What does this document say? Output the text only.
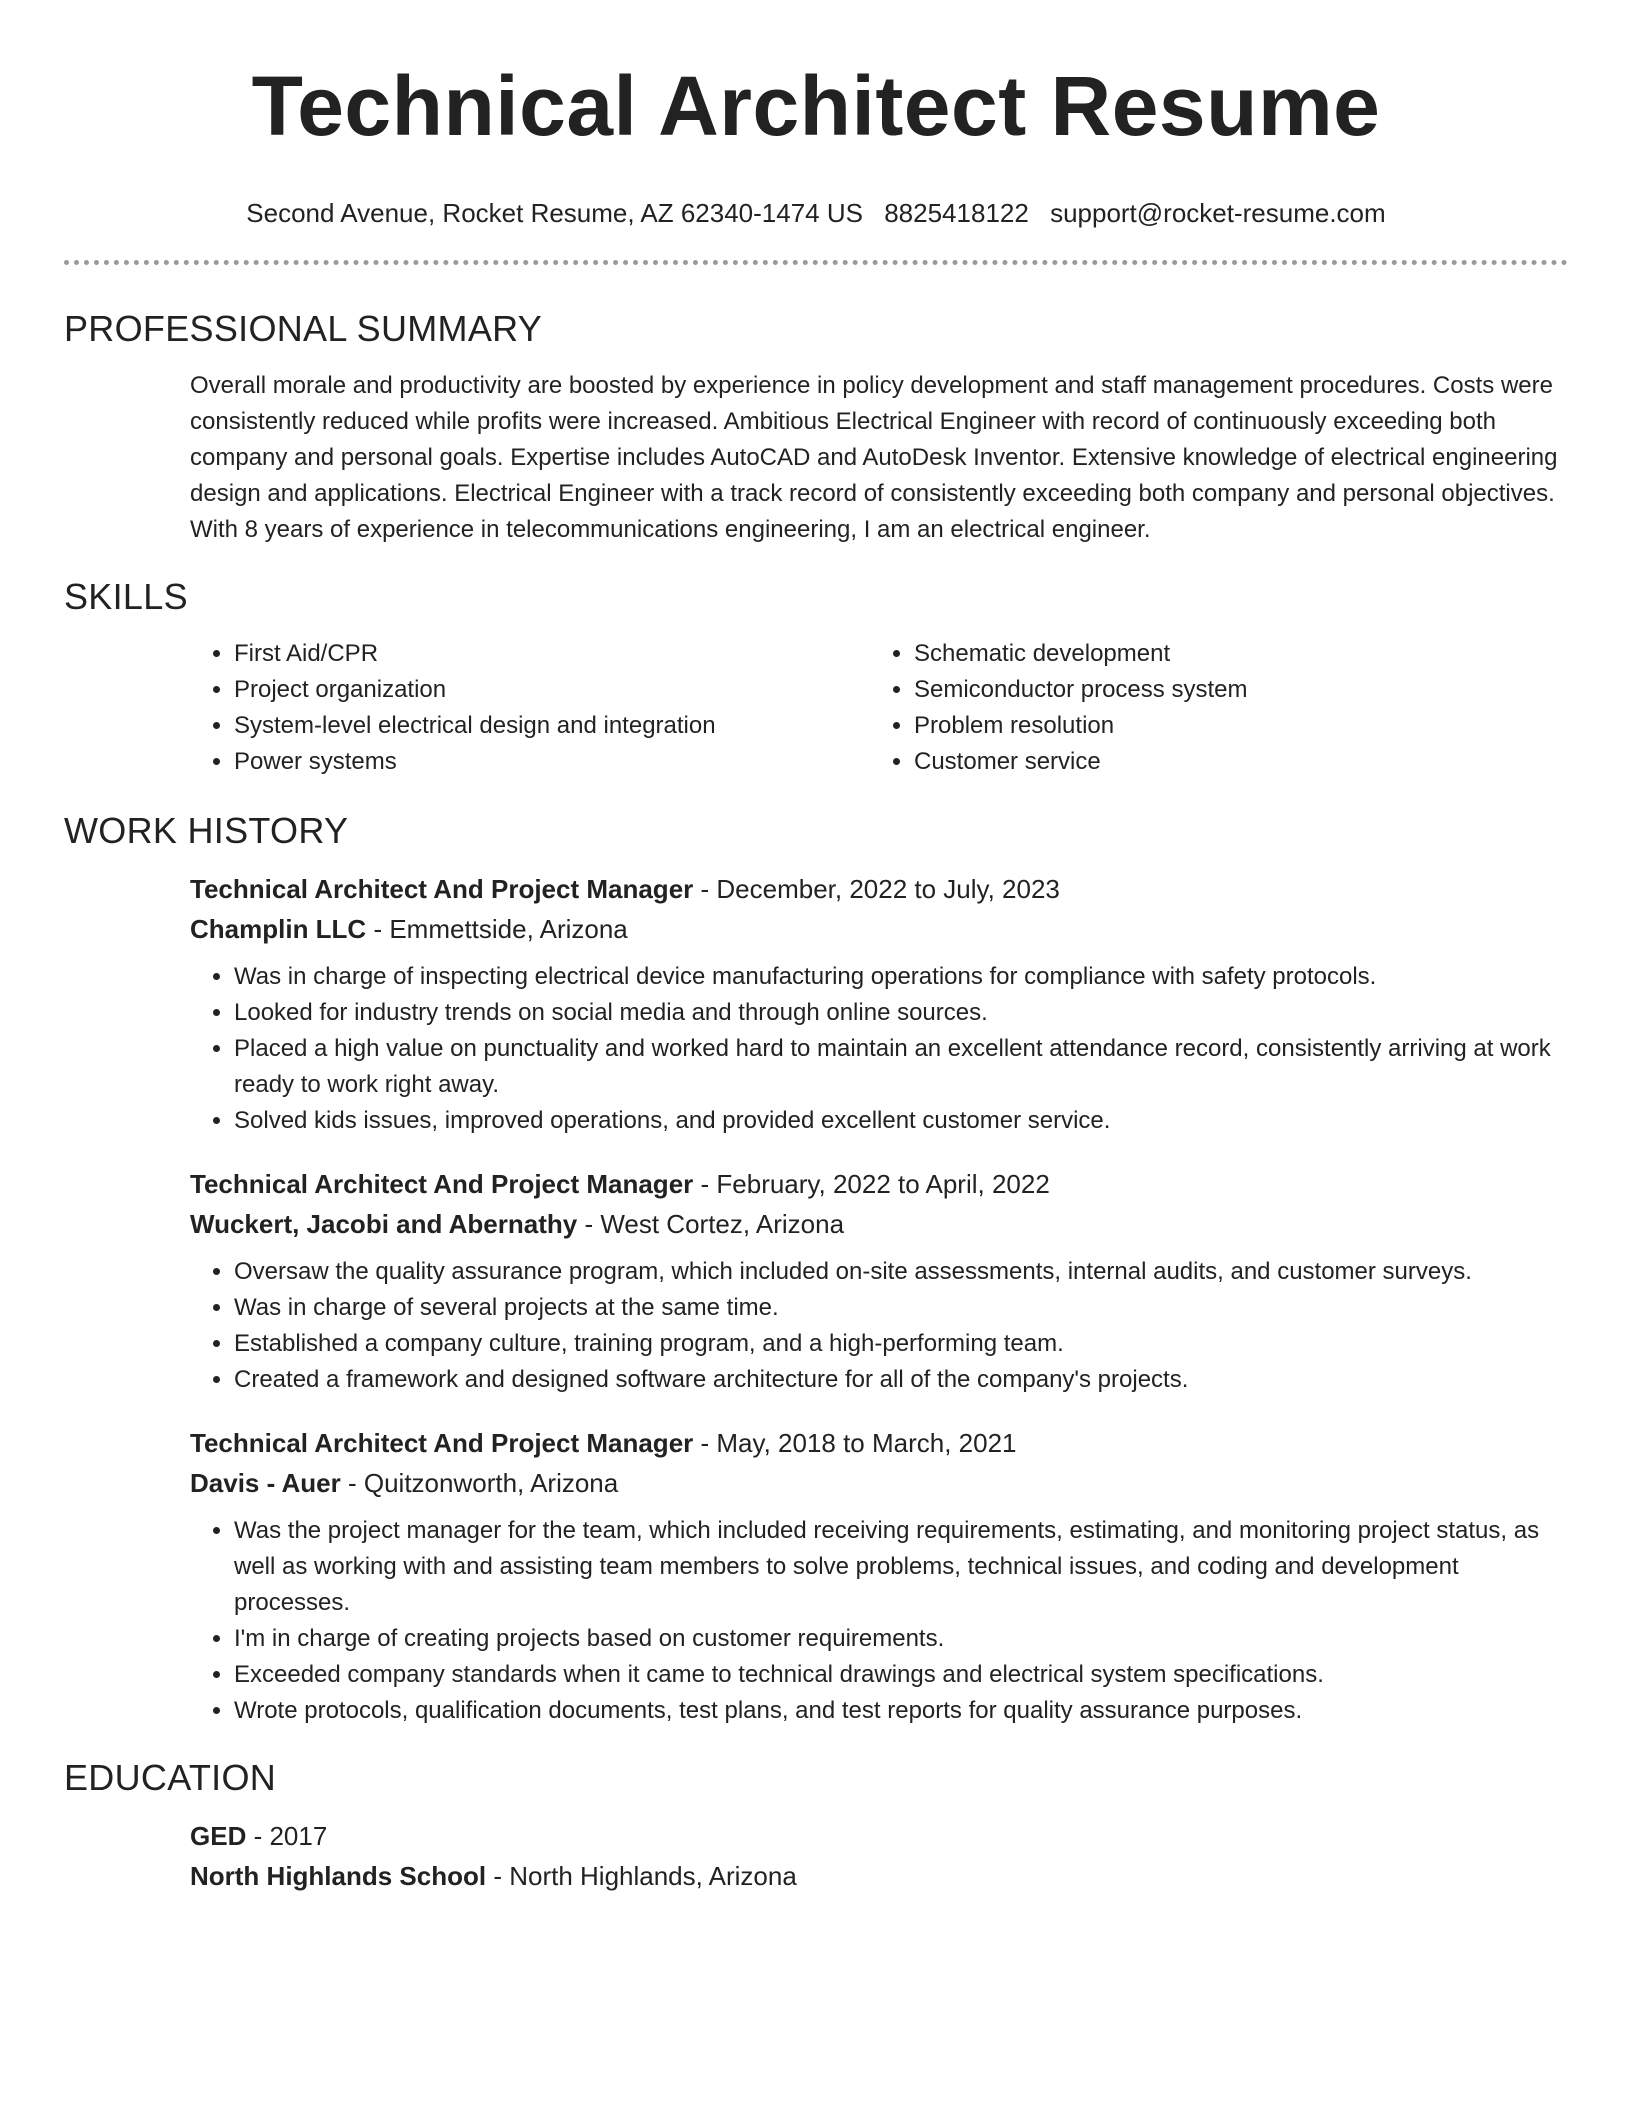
Technical Architect Resume
Second Avenue, Rocket Resume, AZ 62340-1474 US 8825418122 support@rocket-resume.com
PROFESSIONAL SUMMARY

Overall morale and productivity are boosted by experience in policy development and staff management procedures. Costs were consistently reduced while profits were increased. Ambitious Electrical Engineer with record of continuously exceeding both company and personal goals. Expertise includes AutoCAD and AutoDesk Inventor. Extensive knowledge of electrical engineering design and applications. Electrical Engineer with a track record of consistently exceeding both company and personal objectives. With 8 years of experience in telecommunications engineering, I am an electrical engineer.

SKILLS
• First Aid/CPR
• Project organization
• System-level electrical design and integration
• Power systems
• Schematic development
• Semiconductor process system
• Problem resolution
• Customer service
WORK HISTORY
Technical Architect And Project Manager - December, 2022 to July, 2023
Champlin LLC - Emmettside, Arizona
• Was in charge of inspecting electrical device manufacturing operations for compliance with safety protocols.
• Looked for industry trends on social media and through online sources.
• Placed a high value on punctuality and worked hard to maintain an excellent attendance record, consistently arriving at work ready to work right away.
• Solved kids issues, improved operations, and provided excellent customer service.
Technical Architect And Project Manager - February, 2022 to April, 2022
Wuckert, Jacobi and Abernathy - West Cortez, Arizona
• Oversaw the quality assurance program, which included on-site assessments, internal audits, and customer surveys.
• Was in charge of several projects at the same time.
• Established a company culture, training program, and a high-performing team.
• Created a framework and designed software architecture for all of the company's projects.
Technical Architect And Project Manager - May, 2018 to March, 2021
Davis - Auer - Quitzonworth, Arizona
• Was the project manager for the team, which included receiving requirements, estimating, and monitoring project status, as well as working with and assisting team members to solve problems, technical issues, and coding and development processes.
• I'm in charge of creating projects based on customer requirements.
• Exceeded company standards when it came to technical drawings and electrical system specifications.
• Wrote protocols, qualification documents, test plans, and test reports for quality assurance purposes.
EDUCATION
GED - 2017
North Highlands School - North Highlands, Arizona
